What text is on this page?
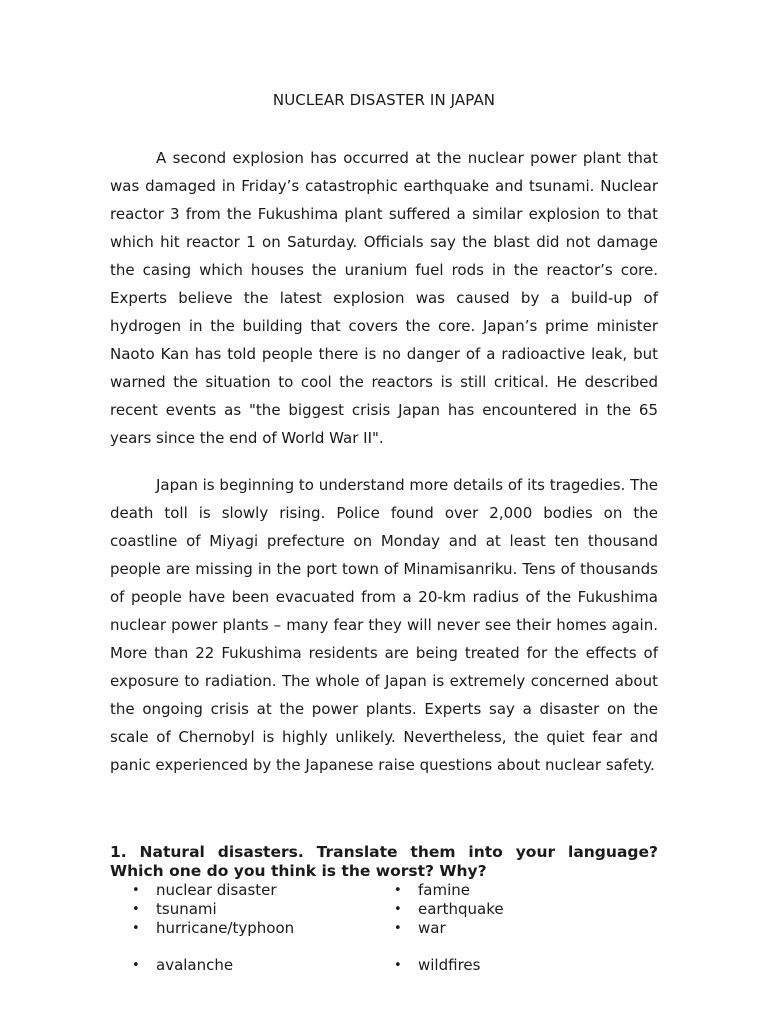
NUCLEAR DISASTER IN JAPAN

A second explosion has occurred at the nuclear power plant that was damaged in Friday’s catastrophic earthquake and tsunami. Nuclear reactor 3 from the Fukushima plant suffered a similar explosion to that which hit reactor 1 on Saturday. Officials say the blast did not damage the casing which houses the uranium fuel rods in the reactor’s core. Experts believe the latest explosion was caused by a build-up of hydrogen in the building that covers the core. Japan’s prime minister Naoto Kan has told people there is no danger of a radioactive leak, but warned the situation to cool the reactors is still critical. He described recent events as "the biggest crisis Japan has encountered in the 65 years since the end of World War II".

Japan is beginning to understand more details of its tragedies. The death toll is slowly rising. Police found over 2,000 bodies on the coastline of Miyagi prefecture on Monday and at least ten thousand people are missing in the port town of Minamisanriku. Tens of thousands of people have been evacuated from a 20-km radius of the Fukushima nuclear power plants – many fear they will never see their homes again. More than 22 Fukushima residents are being treated for the effects of exposure to radiation. The whole of Japan is extremely concerned about the ongoing crisis at the power plants. Experts say a disaster on the scale of Chernobyl is highly unlikely. Nevertheless, the quiet fear and panic experienced by the Japanese raise questions about nuclear safety.

1. Natural disasters. Translate them into your language? Which one do you think is the worst? Why?

• nuclear disaster
• tsunami
• hurricane/typhoon
• avalanche
• famine
• earthquake
• war
• wildfires
